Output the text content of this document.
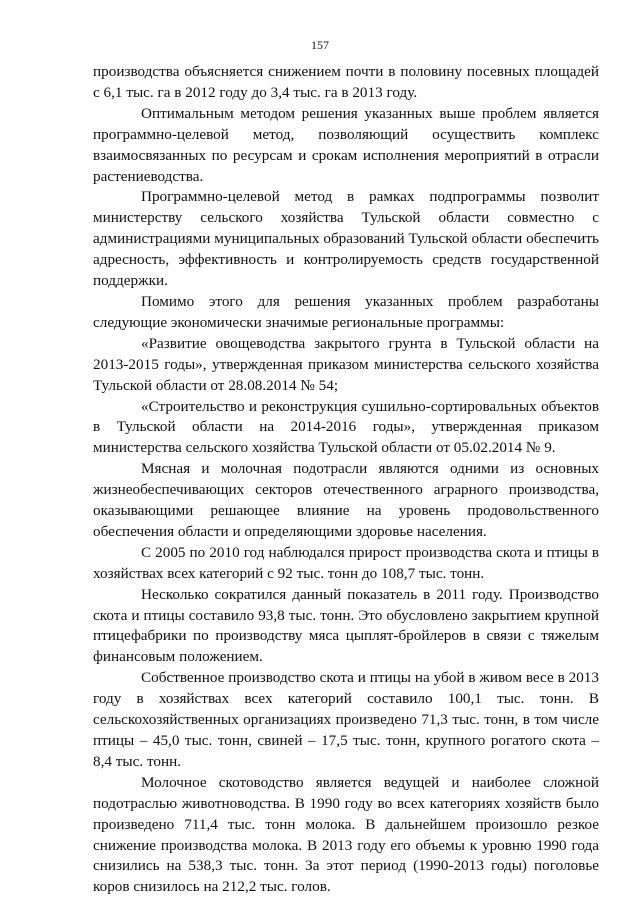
157

производства объясняется снижением почти в половину посевных площадей с 6,1 тыс. га в 2012 году до 3,4 тыс. га в 2013 году.

Оптимальным методом решения указанных выше проблем является программно-целевой метод, позволяющий осуществить комплекс взаимосвязанных по ресурсам и срокам исполнения мероприятий в отрасли растениеводства.

Программно-целевой метод в рамках подпрограммы позволит министерству сельского хозяйства Тульской области совместно с администрациями муниципальных образований Тульской области обеспечить адресность, эффективность и контролируемость средств государственной поддержки.

Помимо этого для решения указанных проблем разработаны следующие экономически значимые региональные программы:

«Развитие овощеводства закрытого грунта в Тульской области на 2013-2015 годы», утвержденная приказом министерства сельского хозяйства Тульской области от 28.08.2014 № 54;

«Строительство и реконструкция сушильно-сортировальных объектов в Тульской области на 2014-2016 годы», утвержденная приказом министерства сельского хозяйства Тульской области от 05.02.2014 № 9.

Мясная и молочная подотрасли являются одними из основных жизнеобеспечивающих секторов отечественного аграрного производства, оказывающими решающее влияние на уровень продовольственного обеспечения области и определяющими здоровье населения.

С 2005 по 2010 год наблюдался прирост производства скота и птицы в хозяйствах всех категорий с 92 тыс. тонн до 108,7 тыс. тонн.

Несколько сократился данный показатель в 2011 году. Производство скота и птицы составило 93,8 тыс. тонн. Это обусловлено закрытием крупной птицефабрики по производству мяса цыплят-бройлеров в связи с тяжелым финансовым положением.

Собственное производство скота и птицы на убой в живом весе в 2013 году в хозяйствах всех категорий составило 100,1 тыс. тонн. В сельскохозяйственных организациях произведено 71,3 тыс. тонн, в том числе птицы – 45,0 тыс. тонн, свиней – 17,5 тыс. тонн, крупного рогатого скота – 8,4 тыс. тонн.

Молочное скотоводство является ведущей и наиболее сложной подотраслью животноводства. В 1990 году во всех категориях хозяйств было произведено 711,4 тыс. тонн молока. В дальнейшем произошло резкое снижение производства молока. В 2013 году его объемы к уровню 1990 года снизились на 538,3 тыс. тонн. За этот период (1990-2013 годы) поголовье коров снизилось на 212,2 тыс. голов.
